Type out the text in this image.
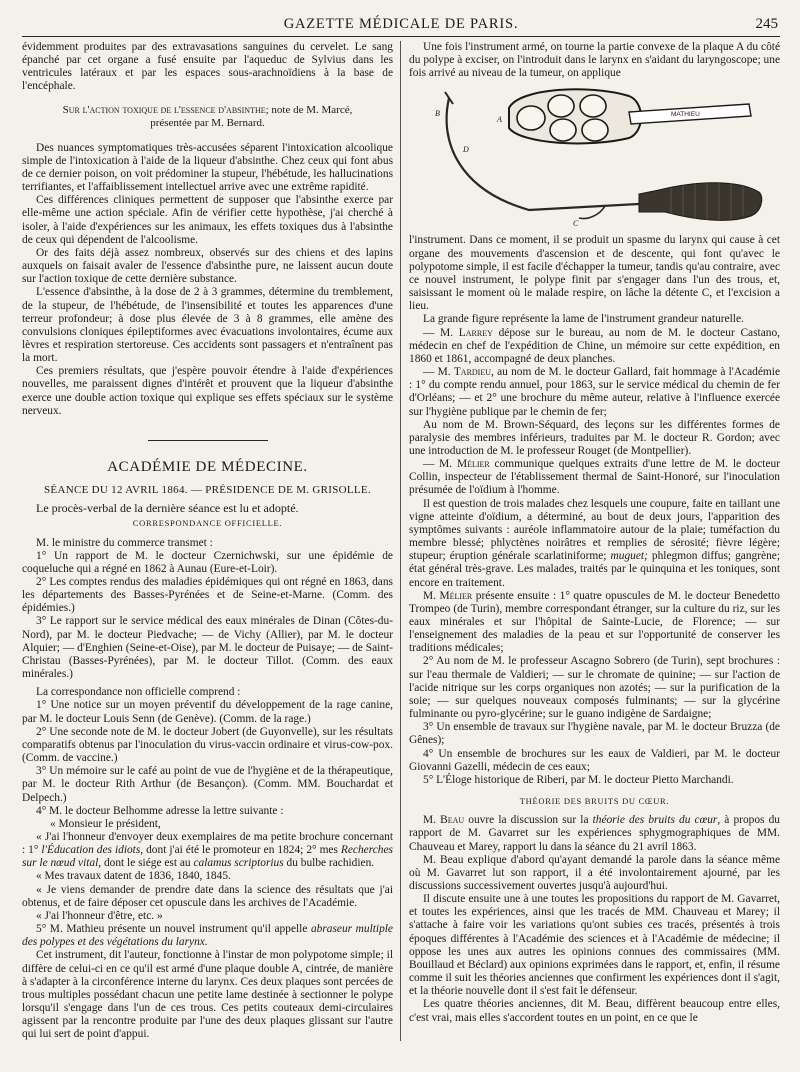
GAZETTE MÉDICALE DE PARIS.	245

évidemment produites par des extravasations sanguines du cervelet. Le sang épanché par cet organe a fusé ensuite par l'aqueduc de Sylvius dans les ventricules latéraux et par les espaces sous-arachnoïdiens à la base de l'encéphale.

Sur l'action toxique de l'essence d'absinthe; note de M. Marcé,
présentée par M. Bernard.

Des nuances symptomatiques très-accusées séparent l'intoxication alcoolique simple de l'intoxication à l'aide de la liqueur d'absinthe. Chez ceux qui font abus de ce dernier poison, on voit prédominer la stupeur, l'hébétude, les hallucinations terrifiantes, et l'affaiblissement intellectuel arrive avec une extrême rapidité.

Ces différences cliniques permettent de supposer que l'absinthe exerce par elle-même une action spéciale. Afin de vérifier cette hypothèse, j'ai cherché à isoler, à l'aide d'expériences sur les animaux, les effets toxiques dus à l'absinthe de ceux qui dépendent de l'alcoolisme.

Or des faits déjà assez nombreux, observés sur des chiens et des lapins auxquels on faisait avaler de l'essence d'absinthe pure, ne laissent aucun doute sur l'action toxique de cette dernière substance.

L'essence d'absinthe, à la dose de 2 à 3 grammes, détermine du tremblement, de la stupeur, de l'hébétude, de l'insensibilité et toutes les apparences d'une terreur profondeur; à dose plus élevée de 3 à 8 grammes, elle amène des convulsions cloniques épileptiformes avec évacuations involontaires, écume aux lèvres et respiration stertoreuse. Ces accidents sont passagers et n'entraînent pas la mort.

Ces premiers résultats, que j'espère pouvoir étendre à l'aide d'expériences nouvelles, me paraissent dignes d'intérêt et prouvent que la liqueur d'absinthe exerce une double action toxique qui explique ses effets spéciaux sur le système nerveux.

ACADÉMIE DE MÉDECINE.
SÉANCE DU 12 AVRIL 1864. — PRÉSIDENCE DE M. GRISOLLE.

Le procès-verbal de la dernière séance est lu et adopté.

CORRESPONDANCE OFFICIELLE.

M. le ministre du commerce transmet :

1° Un rapport de M. le docteur Czernichwski, sur une épidémie de coqueluche qui a régné en 1862 à Aunau (Eure-et-Loir).

2° Les comptes rendus des maladies épidémiques qui ont régné en 1863, dans les départements des Basses-Pyrénées et de Seine-et-Marne. (Comm. des épidémies.)

3° Le rapport sur le service médical des eaux minérales de Dinan (Côtes-du-Nord), par M. le docteur Piedvache; — de Vichy (Allier), par M. le docteur Alquier; — d'Enghien (Seine-et-Oise), par M. le docteur de Puisaye; — de Saint-Christau (Basses-Pyrénées), par M. le docteur Tillot. (Comm. des eaux minérales.)

La correspondance non officielle comprend :

1° Une notice sur un moyen préventif du développement de la rage canine, par M. le docteur Louis Senn (de Genève). (Comm. de la rage.)

2° Une seconde note de M. le docteur Jobert (de Guyonvelle), sur les résultats comparatifs obtenus par l'inoculation du virus-vaccin ordinaire et virus-cow-pox. (Comm. de vaccine.)

3° Un mémoire sur le café au point de vue de l'hygiène et de la thérapeutique, par M. le docteur Rith Arthur (de Besançon). (Comm. MM. Bouchardat et Delpech.)

4° M. le docteur Belhomme adresse la lettre suivante :

« Monsieur le président,

« J'ai l'honneur d'envoyer deux exemplaires de ma petite brochure concernant : 1° l'Éducation des idiots, dont j'ai été le promoteur en 1824; 2° mes Recherches sur le nœud vital, dont le siége est au calamus scriptorius du bulbe rachidien.

« Mes travaux datent de 1836, 1840, 1845.

« Je viens demander de prendre date dans la science des résultats que j'ai obtenus, et de faire déposer cet opuscule dans les archives de l'Académie.

« J'ai l'honneur d'être, etc. »

5° M. Mathieu présente un nouvel instrument qu'il appelle abraseur multiple des polypes et des végétations du larynx.

Cet instrument, dit l'auteur, fonctionne à l'instar de mon polypotome simple; il diffère de celui-ci en ce qu'il est armé d'une plaque double A, cintrée, de manière à s'adapter à la circonférence interne du larynx. Ces deux plaques sont percées de trous multiples possédant chacun une petite lame destinée à sectionner le polype lorsqu'il s'engage dans l'un de ces trous. Ces petits couteaux demi-circulaires agissent par la rencontre produite par l'une des deux plaques glissant sur l'autre qui lui sert de point d'appui.

Une fois l'instrument armé, on tourne la partie convexe de la plaque A du côté du polype à exciser, on l'introduit dans le larynx en s'aidant du laryngoscope; une fois arrivé au niveau de la tumeur, on applique

MATHIEU
B
D
C
A

l'instrument. Dans ce moment, il se produit un spasme du larynx qui cause à cet organe des mouvements d'ascension et de descente, qui font qu'avec le polypotome simple, il est facile d'échapper la tumeur, tandis qu'au contraire, avec ce nouvel instrument, le polype finit par s'engager dans l'un des trous, et, saisissant le moment où le malade respire, on lâche la détente C, et l'excision a lieu.

La grande figure représente la lame de l'instrument grandeur naturelle.

— M. Larrey dépose sur le bureau, au nom de M. le docteur Castano, médecin en chef de l'expédition de Chine, un mémoire sur cette expédition, en 1860 et 1861, accompagné de deux planches.

— M. Tardieu, au nom de M. le docteur Gallard, fait hommage à l'Académie : 1° du compte rendu annuel, pour 1863, sur le service médical du chemin de fer d'Orléans; — et 2° une brochure du même auteur, relative à l'influence exercée sur l'hygiène publique par le chemin de fer;

Au nom de M. Brown-Séquard, des leçons sur les différentes formes de paralysie des membres inférieurs, traduites par M. le docteur R. Gordon; avec une introduction de M. le professeur Rouget (de Montpellier).

— M. Mélier communique quelques extraits d'une lettre de M. le docteur Collin, inspecteur de l'établissement thermal de Saint-Honoré, sur l'inoculation présumée de l'oïdium à l'homme.

Il est question de trois malades chez lesquels une coupure, faite en taillant une vigne atteinte d'oïdium, a déterminé, au bout de deux jours, l'apparition des symptômes suivants : auréole inflammatoire autour de la plaie; tuméfaction du membre blessé; phlyctènes noirâtres et remplies de sérosité; fièvre légère; stupeur; éruption générale scarlatiniforme; muguet; phlegmon diffus; gangrène; état général très-grave. Les malades, traités par le quinquina et les toniques, sont encore en traitement.

M. Mélier présente ensuite : 1° quatre opuscules de M. le docteur Benedetto Trompeo (de Turin), membre correspondant étranger, sur la culture du riz, sur les eaux minérales et sur l'hôpital de Sainte-Lucie, de Florence; — sur l'enseignement des maladies de la peau et sur l'opportunité de conserver les traditions médicales;

2° Au nom de M. le professeur Ascagno Sobrero (de Turin), sept brochures : sur l'eau thermale de Valdieri; — sur le chromate de quinine; — sur l'action de l'acide nitrique sur les corps organiques non azotés; — sur la purification de la soie; — sur quelques nouveaux composés fulminants; — sur la glycérine fulminante ou pyro-glycérine; sur le guano indigène de Sardaigne;

3° Un ensemble de travaux sur l'hygiène navale, par M. le docteur Bruzza (de Gênes);

4° Un ensemble de brochures sur les eaux de Valdieri, par M. le docteur Giovanni Gazelli, médecin de ces eaux;

5° L'Éloge historique de Riberi, par M. le docteur Pietto Marchandi.

THÉORIE DES BRUITS DU CŒUR.

M. Beau ouvre la discussion sur la théorie des bruits du cœur, à propos du rapport de M. Gavarret sur les expériences sphygmographiques de MM. Chauveau et Marey, rapport lu dans la séance du 21 avril 1863.

M. Beau explique d'abord qu'ayant demandé la parole dans la séance même où M. Gavarret lut son rapport, il a été involontairement ajourné, par les discussions successivement ouvertes jusqu'à aujourd'hui.

Il discute ensuite une à une toutes les propositions du rapport de M. Gavarret, et toutes les expériences, ainsi que les tracés de MM. Chauveau et Marey; il s'attache à faire voir les variations qu'ont subies ces tracés, présentés à trois époques différentes à l'Académie des sciences et à l'Académie de médecine; il oppose les unes aux autres les opinions connues des commissaires (MM. Bouillaud et Béclard) aux opinions exprimées dans le rapport, et, enfin, il résume comme il suit les théories anciennes que confirment les expériences dont il s'agit, et la théorie nouvelle dont il s'est fait le défenseur.

Les quatre théories anciennes, dit M. Beau, diffèrent beaucoup entre elles, c'est vrai, mais elles s'accordent toutes en un point, en ce que le
